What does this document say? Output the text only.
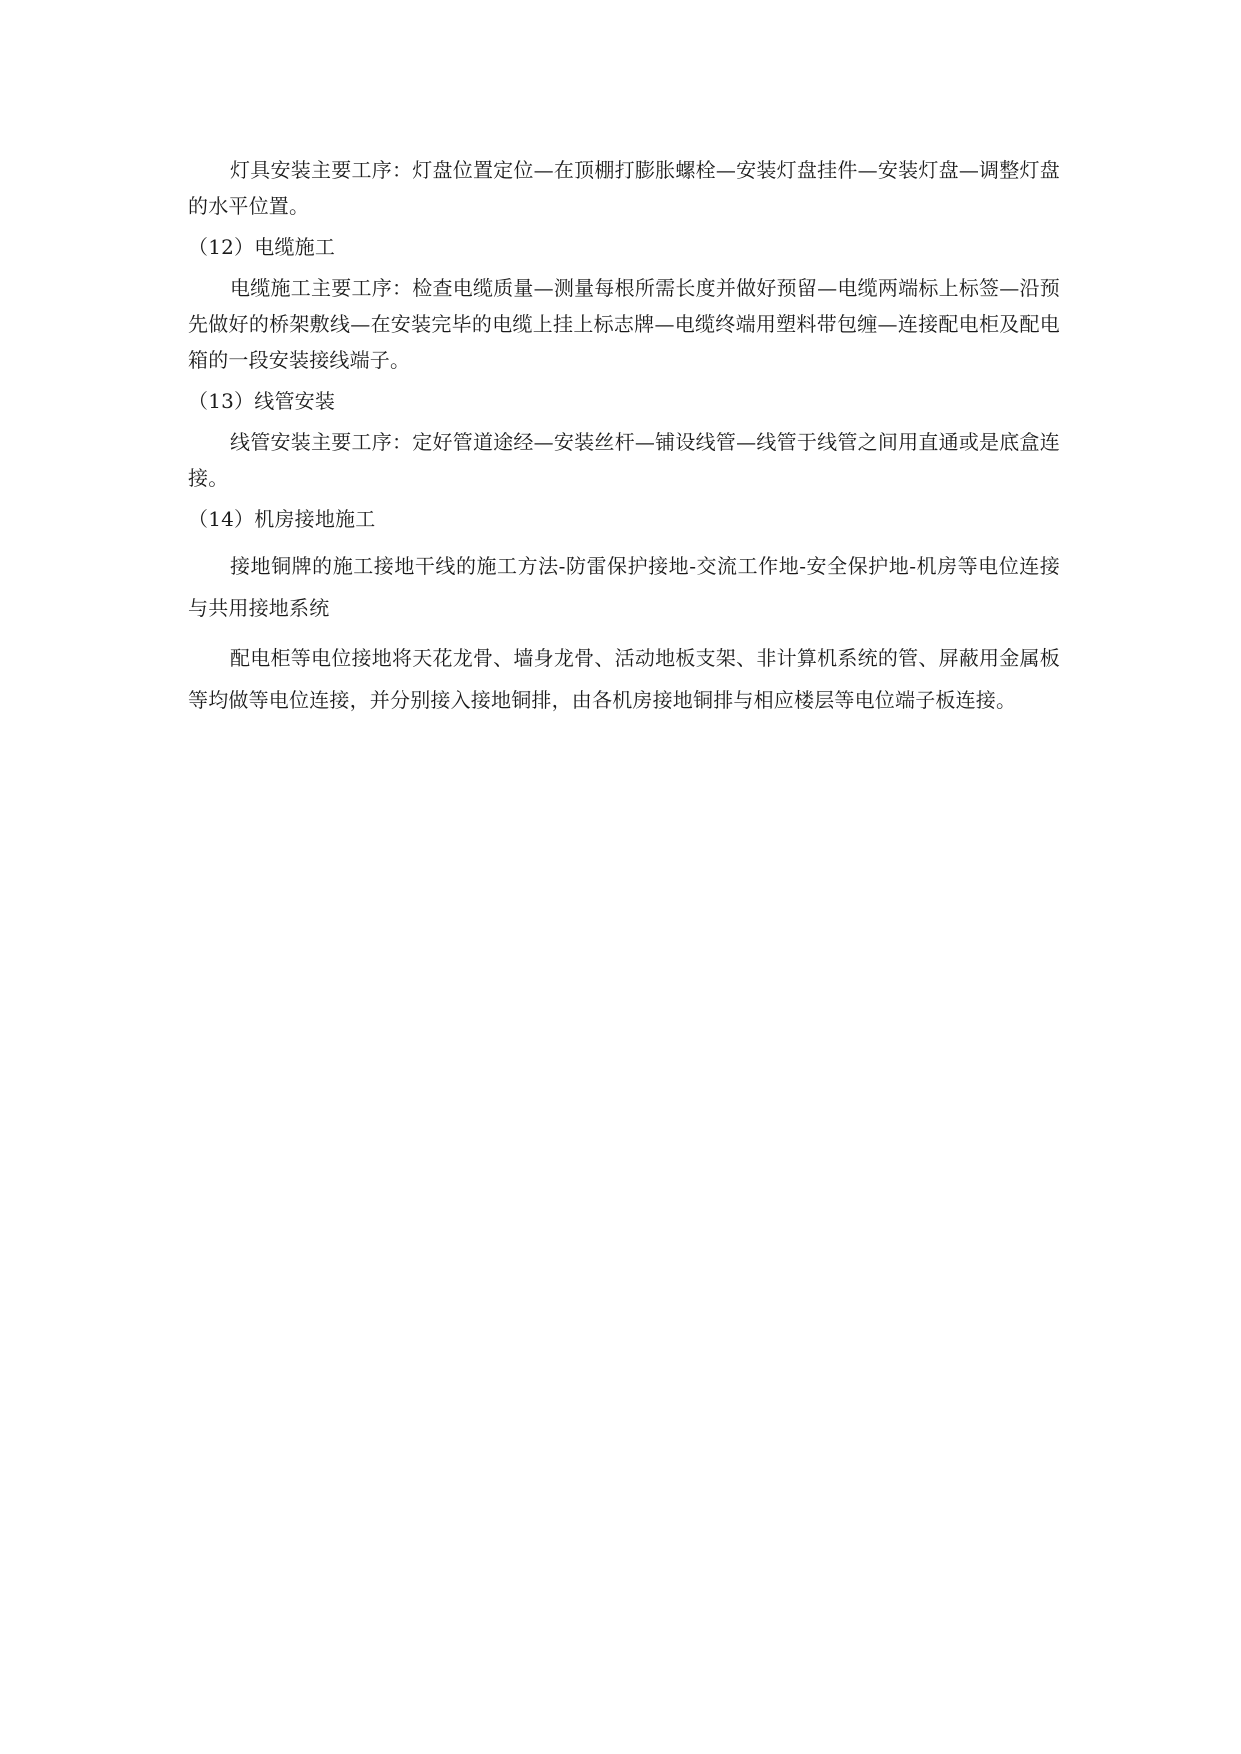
灯具安装主要工序：灯盘位置定位—在顶棚打膨胀螺栓—安装灯盘挂件—安装灯盘—调整灯盘的水平位置。

（12）电缆施工

电缆施工主要工序：检查电缆质量—测量每根所需长度并做好预留—电缆两端标上标签—沿预先做好的桥架敷线—在安装完毕的电缆上挂上标志牌—电缆终端用塑料带包缠—连接配电柜及配电箱的一段安装接线端子。

（13）线管安装

线管安装主要工序：定好管道途经—安装丝杆—铺设线管—线管于线管之间用直通或是底盒连接。

（14）机房接地施工

接地铜牌的施工接地干线的施工方法-防雷保护接地-交流工作地-安全保护地-机房等电位连接与共用接地系统

配电柜等电位接地将天花龙骨、墙身龙骨、活动地板支架、非计算机系统的管、屏蔽用金属板等均做等电位连接，并分别接入接地铜排，由各机房接地铜排与相应楼层等电位端子板连接。
